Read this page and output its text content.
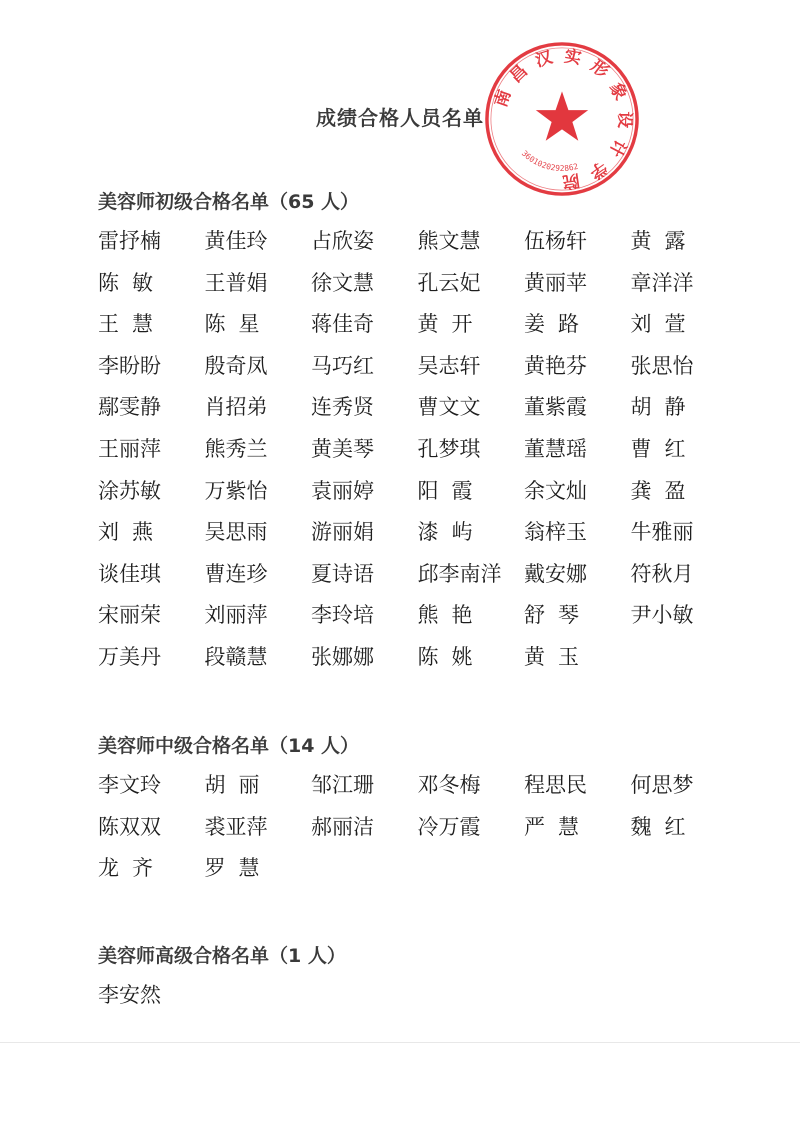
成绩合格人员名单
南昌汉实形象设计学院
3601020292862
美容师初级合格名单（65 人）
雷抒楠	黄佳玲	占欣姿	熊文慧	伍杨轩	黄露
陈敏	王普娟	徐文慧	孔云妃	黄丽苹	章洋洋
王慧	陈星	蒋佳奇	黄开	姜路	刘萱
李盼盼	殷奇凤	马巧红	吴志轩	黄艳芬	张思怡
鄢雯静	肖招弟	连秀贤	曹文文	董紫霞	胡静
王丽萍	熊秀兰	黄美琴	孔梦琪	董慧瑶	曹红
涂苏敏	万紫怡	袁丽婷	阳霞	余文灿	龚盈
刘燕	吴思雨	游丽娟	漆屿	翁梓玉	牛雅丽
谈佳琪	曹连珍	夏诗语	邱李南洋	戴安娜	符秋月
宋丽荣	刘丽萍	李玲培	熊艳	舒琴	尹小敏
万美丹	段赣慧	张娜娜	陈姚	黄玉
美容师中级合格名单（14 人）
李文玲	胡丽	邹江珊	邓冬梅	程思民	何思梦
陈双双	裘亚萍	郝丽洁	冷万霞	严慧	魏红
龙齐	罗慧
美容师高级合格名单（1 人）
李安然
